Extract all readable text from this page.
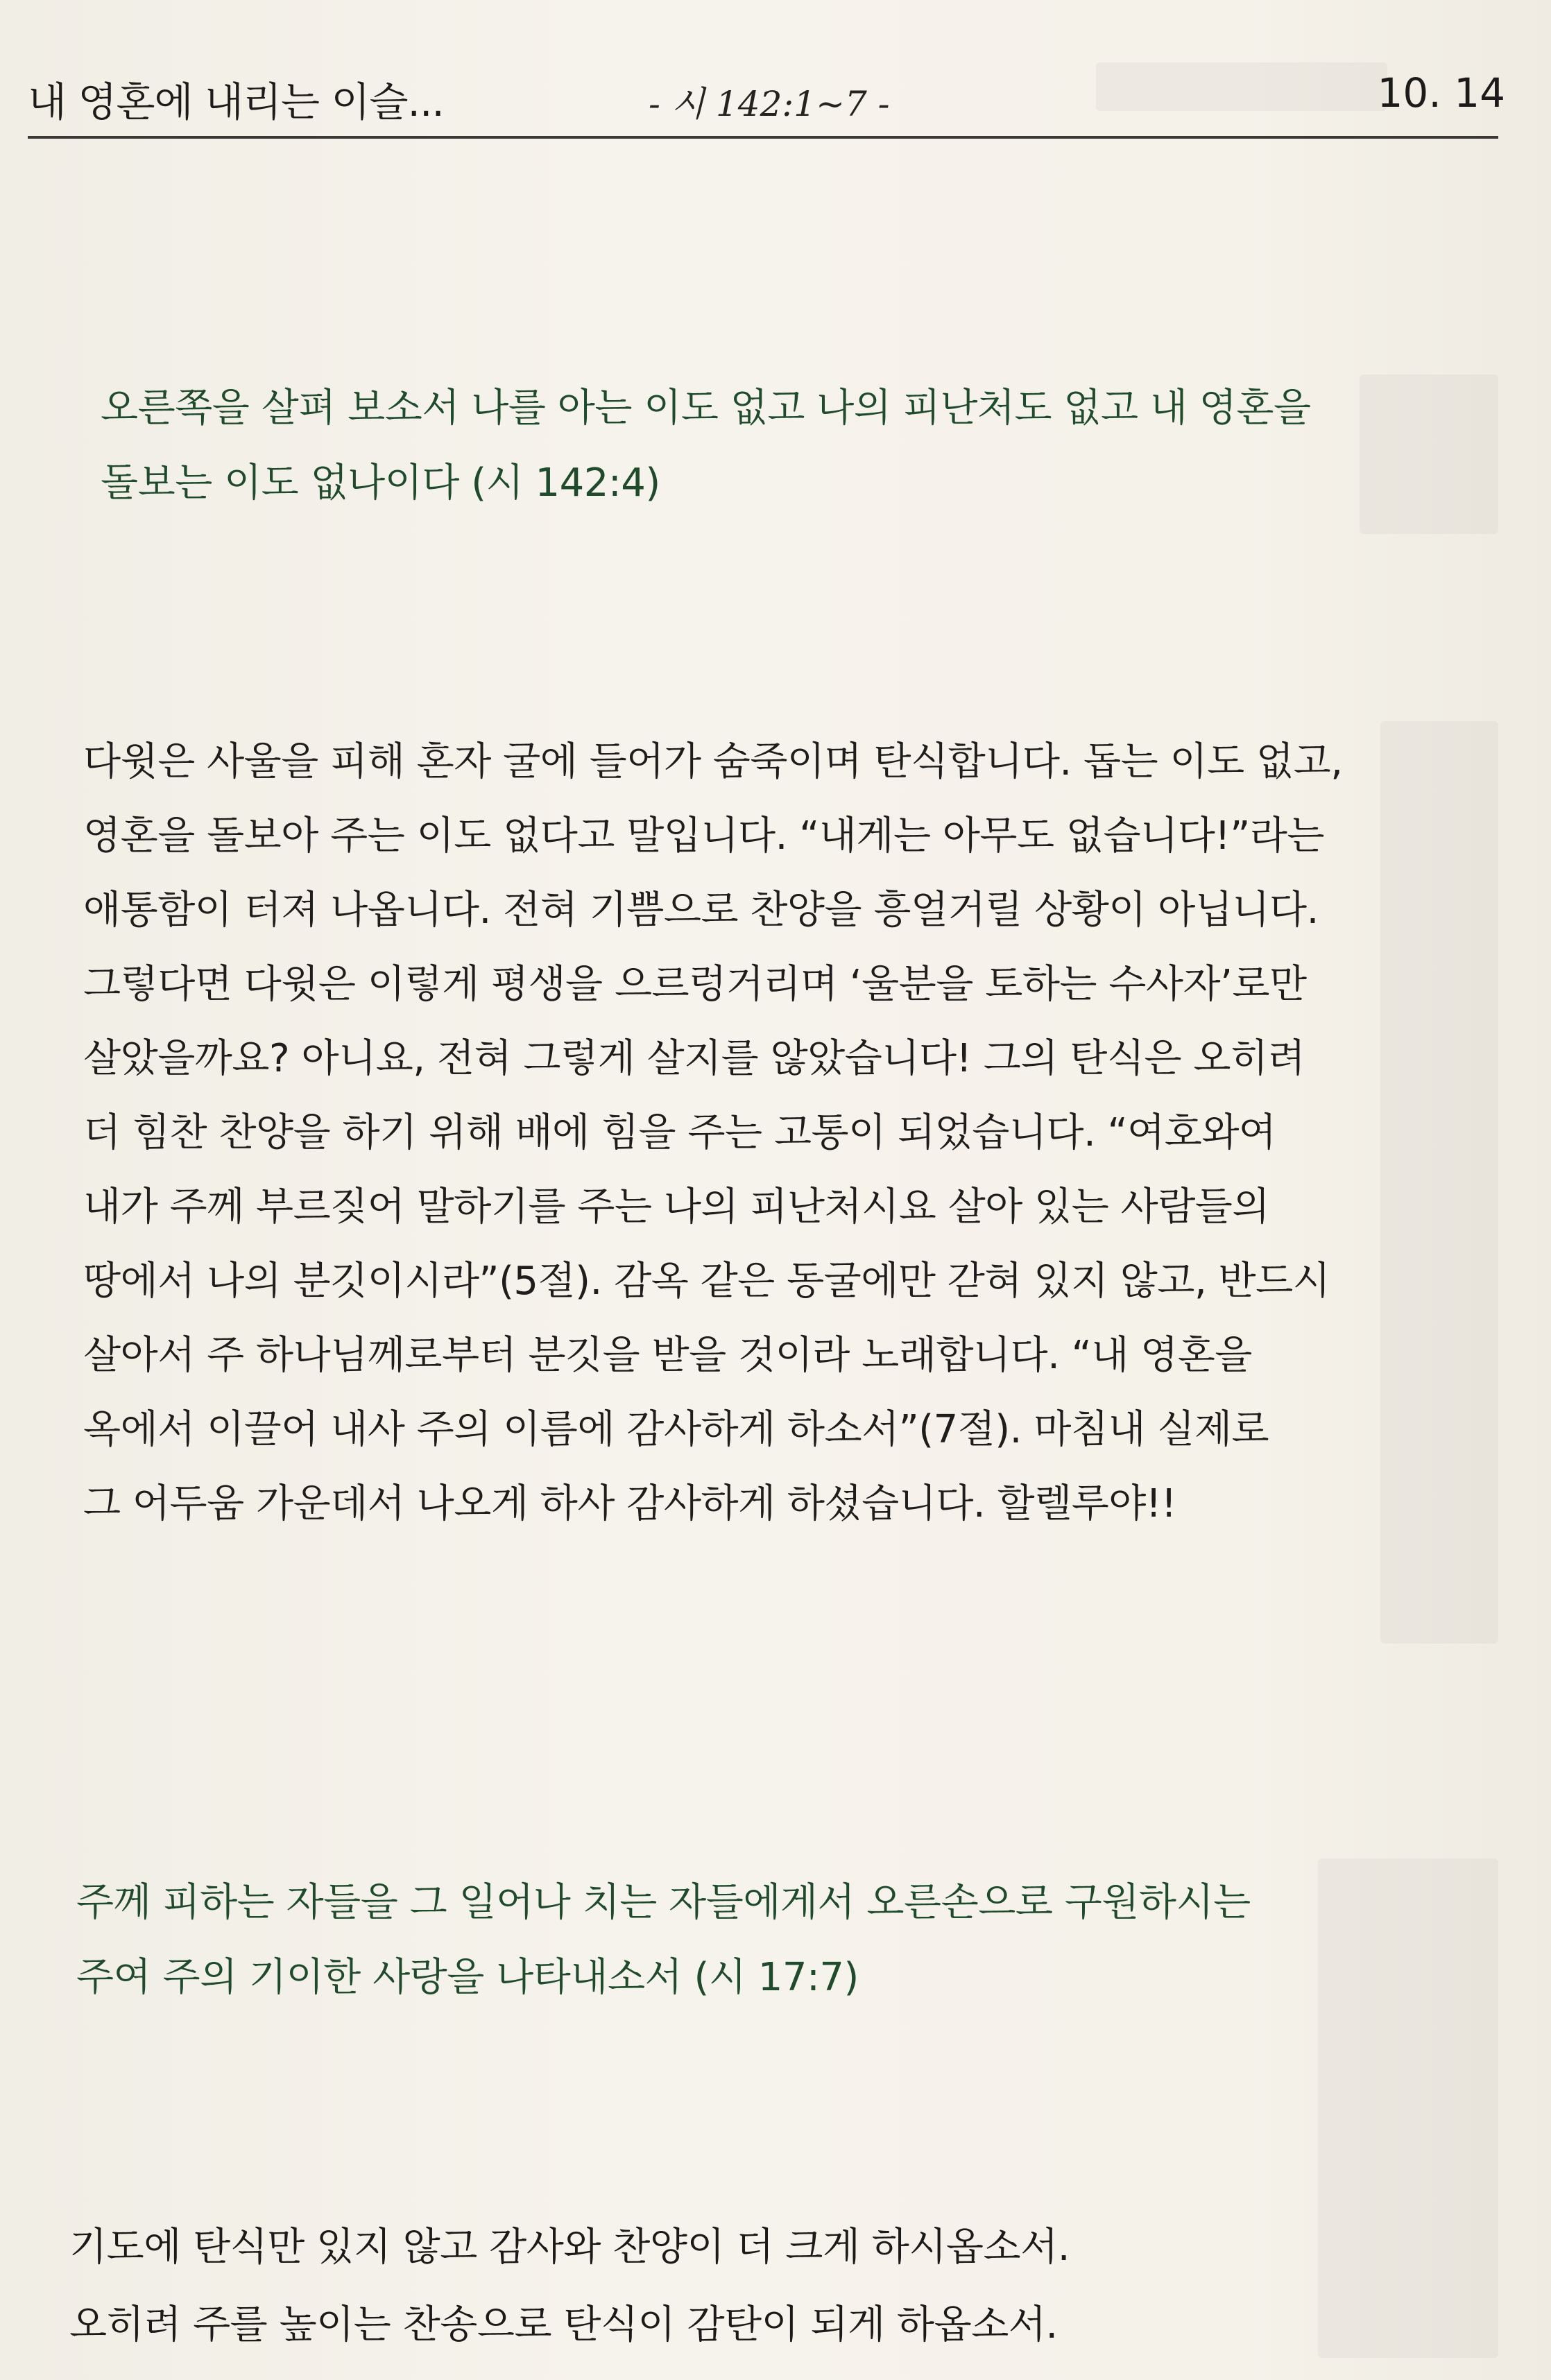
내 영혼에 내리는 이슬...	- 시 142:1~7 -	10. 14
오른쪽을 살펴 보소서 나를 아는 이도 없고 나의 피난처도 없고 내 영혼을
돌보는 이도 없나이다 (시 142:4)
다윗은 사울을 피해 혼자 굴에 들어가 숨죽이며 탄식합니다. 돕는 이도 없고,
영혼을 돌보아 주는 이도 없다고 말입니다. “내게는 아무도 없습니다!”라는
애통함이 터져 나옵니다. 전혀 기쁨으로 찬양을 흥얼거릴 상황이 아닙니다.
그렇다면 다윗은 이렇게 평생을 으르렁거리며 ‘울분을 토하는 수사자’로만
살았을까요? 아니요, 전혀 그렇게 살지를 않았습니다! 그의 탄식은 오히려
더 힘찬 찬양을 하기 위해 배에 힘을 주는 고통이 되었습니다. “여호와여
내가 주께 부르짖어 말하기를 주는 나의 피난처시요 살아 있는 사람들의
땅에서 나의 분깃이시라”(5절). 감옥 같은 동굴에만 갇혀 있지 않고, 반드시
살아서 주 하나님께로부터 분깃을 받을 것이라 노래합니다. “내 영혼을
옥에서 이끌어 내사 주의 이름에 감사하게 하소서”(7절). 마침내 실제로
그 어두움 가운데서 나오게 하사 감사하게 하셨습니다. 할렐루야!!
주께 피하는 자들을 그 일어나 치는 자들에게서 오른손으로 구원하시는
주여 주의 기이한 사랑을 나타내소서 (시 17:7)
기도에 탄식만 있지 않고 감사와 찬양이 더 크게 하시옵소서.
오히려 주를 높이는 찬송으로 탄식이 감탄이 되게 하옵소서.
